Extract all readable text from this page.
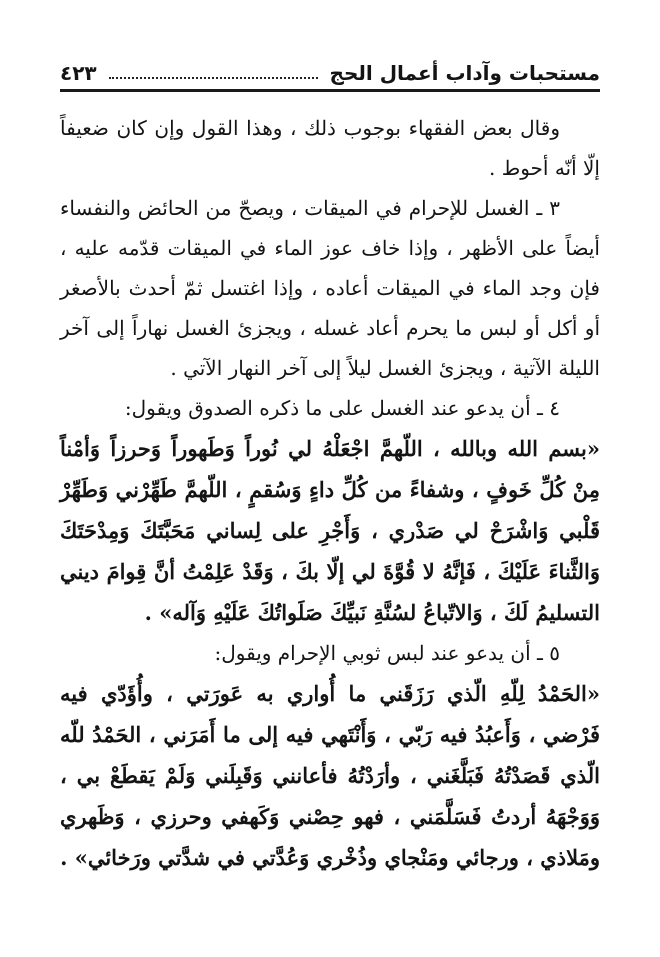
مستحبات وآداب أعمال الحج
٤٢٣

وقال بعض الفقهاء بوجوب ذلك ، وهذا القول وإن كان ضعيفاً إلّا أنّه أحوط .

٣ ـ الغسل للإحرام في الميقات ، ويصحّ من الحائض والنفساء أيضاً على الأظهر ، وإذا خاف عوز الماء في الميقات قدّمه عليه ، فإن وجد الماء في الميقات أعاده ، وإذا اغتسل ثمّ أحدث بالأصغر أو أكل أو لبس ما يحرم أعاد غسله ، ويجزئ الغسل نهاراً إلى آخر الليلة الآتية ، ويجزئ الغسل ليلاً إلى آخر النهار الآتي .

٤ ـ أن يدعو عند الغسل على ما ذكره الصدوق ويقول:

«بسم الله وبالله ، اللّهمَّ اجْعَلْهُ لي نُوراً وَطَهوراً وَحرزاً وَأمْناً مِنْ كُلِّ خَوفٍ ، وشفاءً من كُلِّ داءٍ وَسُقمٍ ، اللّهمَّ طَهِّرْني وَطَهِّرْ قَلْبي وَاشْرَحْ لي صَدْري ، وَأَجْرِ على لِساني مَحَبَّتَكَ وَمِدْحَتَكَ وَالثَّناءَ عَلَيْكَ ، فَإنَّهُ لا قُوَّةَ لي إلّا بكَ ، وَقَدْ عَلِمْتُ أنَّ قِوامَ ديني التسليمُ لَكَ ، وَالاتّباعُ لسُنَّةِ نَبيِّكَ صَلَواتُكَ عَلَيْهِ وَآله» .

٥ ـ أن يدعو عند لبس ثوبي الإحرام ويقول:

«الحَمْدُ لِلّهِ الّذي رَزَقَني ما أُواري به عَورَتي ، وأُؤَدّي فيه فَرْضي ، وَأَعبُدُ فيه رَبّي ، وَأَنْتَهي فيه إلى ما أَمَرَني ، الحَمْدُ للّه الّذي قَصَدْتُهُ فَبَلَّغَني ، وأرَدْتُهُ فأعانني وَقَبِلَني وَلَمْ يَقطَعْ بي ، وَوَجْهَهُ أردتُ فَسَلَّمَني ، فهو حِصْني وَكَهفي وحرزي ، وَظَهري ومَلاذي ، ورجائي ومَنْجاي وذُخْري وَعُدَّتي في شدَّتي ورَخائي» .
